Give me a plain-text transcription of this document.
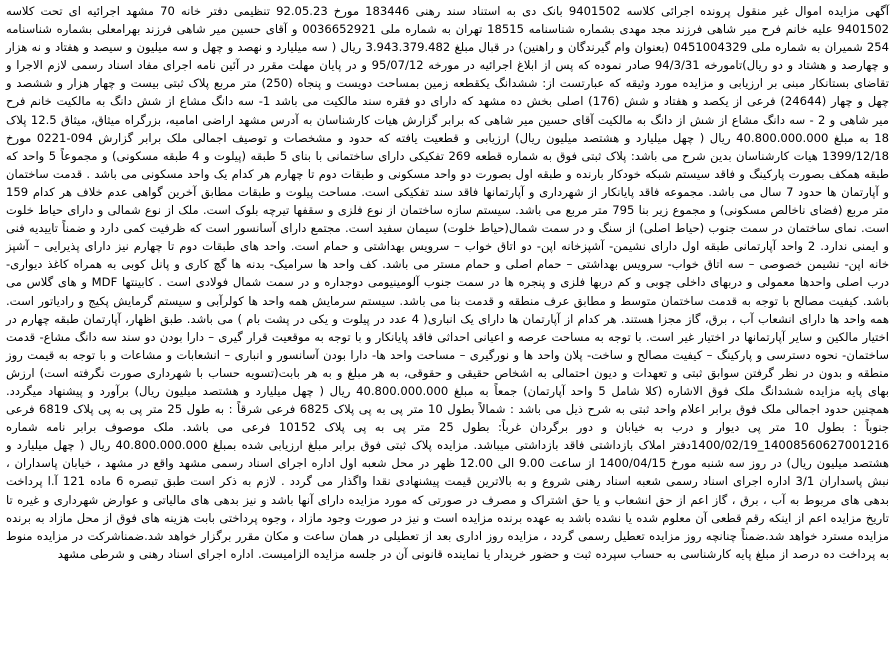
آگهی مزایده اموال غیر منقول پرونده اجرائی کلاسه 9401502 بانک دی به استناد سند رهنی 183446 مورخ 92.05.23 تنظیمی دفتر خانه 70 مشهد اجرائیه ای تحت کلاسه 9401502 علیه خانم فرح میر شاهی فرزند مجد مهدی بشماره شناسنامه 18515 تهران به شماره ملی 0036652921 و آقای حسین میر شاهی فرزند بهرامعلی بشماره شناسنامه 254 شمیران به شماره ملی 0451004329 (بعنوان وام گیرندگان و راهنین) در قبال مبلغ 3.943.379.482 ریال ( سه میلیارد و نهصد و چهل و سه میلیون و سیصد و هفتاد و نه هزار و چهارصد و هشتاد و دو ریال)تامورخه 94/3/31 صادر نموده که پس از ابلاغ اجرائیه در مورخه 95/07/12 و در پایان مهلت مقرر در آئین نامه اجرای مفاد اسناد رسمی لازم الاجرا و تقاضای بستانکار مبنی بر ارزیابی و مزایده مورد وثیقه که عبارتست از: ششدانگ یکقطعه زمین بمساحت دویست و پنجاه (250) متر مربع پلاک ثبتی بیست و چهار هزار و ششصد و چهل و چهار (24644) فرعی از یکصد و هفتاد و شش (176) اصلی بخش ده مشهد که دارای دو فقره سند مالکیت می باشد 1- سه دانگ مشاع از شش دانگ به مالکیت خانم فرح میر شاهی و 2 - سه دانگ مشاع از شش از دانگ به مالکیت آقای حسین میر شاهی که برابر گزارش هیات کارشناسان به آدرس مشهد اراضی امامیه، بزرگراه میثاق، میثاق 12.5 پلاک 18 به مبلغ 40.800.000.000 ریال ( چهل میلیارد و هشتصد میلیون ریال) ارزیابی و قطعیت یافته که حدود و مشخصات و توصیف اجمالی ملک برابر گزارش 094-0221 مورخ 1399/12/18 هیات کارشناسان بدین شرح می باشد: پلاک ثبتی فوق به شماره قطعه 269 تفکیکی دارای ساختمانی با بنای 5 طبقه (پیلوت و 4 طبقه مسکونی) و مجموعاً 5 واحد که طبقه همکف بصورت پارکینگ و فاقد سیستم شبکه خودکار بارنده و طبقه اول بصورت دو واحد مسکونی و طبقات دوم تا چهارم هر کدام یک واحد مسکونی می باشد . قدمت ساختمان و آپارتمان ها حدود 7 سال می باشد. مجموعه فاقد پایانکار از شهرداری و آپارتمانها فاقد سند تفکیکی است. مساحت پیلوت و طبقات مطابق آخرین گواهی عدم خلاف هر کدام 159 متر مربع (فضای ناخالص مسکونی) و مجموع زیر بنا 795 متر مربع می باشد. سیستم سازه ساختمان از نوع فلزی و سقفها تیرچه بلوک است. ملک از نوع شمالی و دارای حیاط خلوت است. نمای ساختمان در سمت جنوب (حیاط اصلی) از سنگ و در سمت شمال(حیاط خلوت) سیمان سفید است. مجتمع دارای آسانسور است که ظرفیت کمی دارد و ضمناً تاییدیه فنی و ایمنی ندارد. 2 واحد آپارتمانی طبقه اول دارای نشیمن- آشپزخانه اپن- دو اتاق خواب – سرویس بهداشتی و حمام است. واحد های طبقات دوم تا چهارم نیز دارای پذیرایی – آشپز خانه اپن- نشیمن خصوصی – سه اتاق خواب- سرویس بهداشتی – حمام اصلی و حمام مستر می باشد. کف واحد ها سرامیک- بدنه ها گچ کاری و پانل کوبی به همراه کاغذ دیواری- درب اصلی واحدها معمولی و دربهای داخلی چوبی و کم دربها فلزی و پنجره ها در سمت جنوب آلومینیومی دوجداره و در سمت شمال فولادی است . کابینتها MDF و های گلاس می باشد. کیفیت مصالح با توجه به قدمت ساختمان متوسط و مطابق عرف منطقه و قدمت بنا می باشد. سیستم سرمایش همه واحد ها کولرآبی و سیستم گرمایش پکیج و رادیاتور است. همه واحد ها دارای انشعاب آب ، برق، گاز مجزا هستند. هر کدام از آپارتمان ها دارای یک انباری( 4 عدد در پیلوت و یکی در پشت بام ) می باشد. طبق اظهار، آپارتمان طبقه چهارم در اختیار مالکین و سایر آپارتمانها در اختیار غیر است. با توجه به مساحت عرصه و اعیانی احداثی فاقد پایانکار و با توجه به موقعیت قرار گیری – دارا بودن دو سند سه دانگ مشاع- قدمت ساختمان- نحوه دسترسی و پارکینگ – کیفیت مصالح و ساخت- پلان واحد ها و نورگیری – مساحت واحد ها- دارا بودن آسانسور و انباری – انشعابات و مشاعات و با توجه به قیمت روز منطقه و بدون در نظر گرفتن سوابق ثبتی و تعهدات و دیون احتمالی به اشخاص حقیقی و حقوقی، به هر مبلغ و به هر بابت(تسویه حساب با شهرداری صورت نگرفته است) ارزش بهای پایه مزایده ششدانگ ملک فوق الاشاره (کلا شامل 5 واحد آپارتمان) جمعاً به مبلغ 40.800.000.000 ریال ( چهل میلیارد و هشتصد میلیون ریال) برآورد و پیشنهاد میگردد. همچنین حدود اجمالی ملک فوق برابر اعلام واحد ثبتی به شرح ذیل می باشد : شمالاً بطول 10 متر پی به پی پلاک 6825 فرعی شرقاً : به طول 25 متر پی به پی پلاک 6819 فرعی جنوباً : بطول 10 متر پی دیوار و درب به خیابان و دور برگردان غرباً: بطول 25 متر پی به پی پلاک 10152 فرعی می باشد. ملک موصوف برابر نامه شماره 14008560627001216_1400/02/19دفتر املاک بازداشتی فاقد بازداشتی میباشد. مزایده پلاک ثبتی فوق برابر مبلغ ارزیابی شده بمبلغ 40.800.000.000 ریال ( چهل میلیارد و هشتصد میلیون ریال) در روز سه شنبه مورخ 1400/04/15 از ساعت 9.00 الی 12.00 ظهر در محل شعبه اول اداره اجرای اسناد رسمی مشهد واقع در مشهد ، خیابان پاسداران ، نبش پاسداران 3/1 اداره اجرای اسناد رسمی شعبه اسناد رهنی شروع و به بالاترین قیمت پیشنهادی نقدا واگذار می گردد . لازم به ذکر است طبق تبصره 6 ماده 121 آ.ا پرداخت بدهی های مربوط به آب ، برق ، گاز اعم از حق انشعاب و یا حق اشتراک و مصرف در صورتی که مورد مزایده دارای آنها باشد و نیز بدهی های مالیاتی و عوارض شهرداری و غیره تا تاریخ مزایده اعم از اینکه رقم قطعی آن معلوم شده یا نشده باشد به عهده برنده مزایده است و نیز در صورت وجود مازاد ، وجوه پرداختی بابت هزینه های فوق از محل مازاد به برنده مزایده مسترد خواهد شد.ضمناً چنانچه روز مزایده تعطیل رسمی گردد ، مزایده روز اداری بعد از تعطیلی در همان ساعت و مکان مقرر برگزار خواهد شد.ضمناشرکت در مزایده منوط به پرداخت ده درصد از مبلغ پایه کارشناسی به حساب سپرده ثبت و حضور خریدار یا نماینده قانونی آن در جلسه مزایده الزامیست. اداره اجرای اسناد رهنی و شرطی مشهد
